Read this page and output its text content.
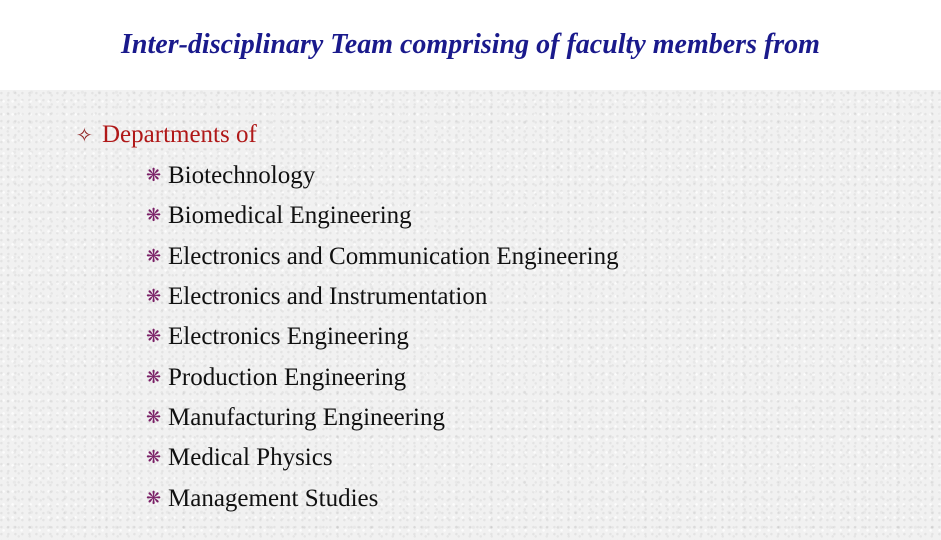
Inter-disciplinary Team comprising of faculty members from
✧ Departments of
❋ Biotechnology
❋ Biomedical Engineering
❋ Electronics and Communication Engineering
❋ Electronics and Instrumentation
❋ Electronics Engineering
❋ Production Engineering
❋ Manufacturing Engineering
❋ Medical Physics
❋ Management Studies
